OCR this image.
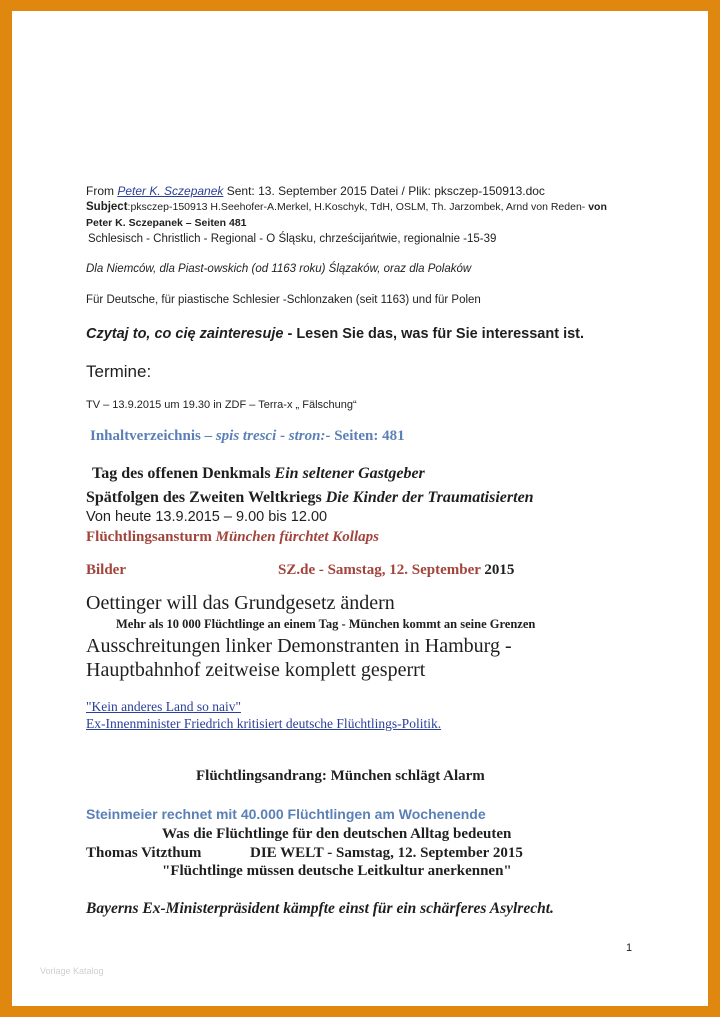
From Peter K. Sczepanek Sent: 13. September 2015 Datei / Plik: pksczep-150913.doc
Subject:pksczep-150913 H.Seehofer-A.Merkel, H.Koschyk, TdH, OSLM, Th. Jarzombek, Arnd von Reden- von
Peter K. Sczepanek – Seiten 481
Schlesisch - Christlich - Regional - O Śląsku, chrześcijańtwie, regionalnie -15-39
Dla Niemców, dla Piast-owskich (od 1163 roku) Ślązaków, oraz dla Polaków
Für Deutsche, für piastische Schlesier -Schlonzaken (seit 1163) und für Polen
Czytaj to, co cię zainteresuje - Lesen Sie das, was für Sie interessant ist.
Termine:
TV – 13.9.2015 um 19.30 in ZDF – Terra-x „ Fälschung“
Inhaltverzeichnis – spis tresci - stron:- Seiten: 481
Tag des offenen Denkmals Ein seltener Gastgeber
Spätfolgen des Zweiten Weltkriegs Die Kinder der Traumatisierten
Von heute 13.9.2015 – 9.00 bis 12.00
Flüchtlingsansturm München fürchtet Kollaps
Bilder	SZ.de - Samstag, 12. September 2015
Oettinger will das Grundgesetz ändern
Mehr als 10 000 Flüchtlinge an einem Tag - München kommt an seine Grenzen
Ausschreitungen linker Demonstranten in Hamburg -
Hauptbahnhof zeitweise komplett gesperrt
"Kein anderes Land so naiv"
Ex-Innenminister Friedrich kritisiert deutsche Flüchtlings-Politik.
Flüchtlingsandrang: München schlägt Alarm
Steinmeier rechnet mit 40.000 Flüchtlingen am Wochenende
Was die Flüchtlinge für den deutschen Alltag bedeuten
Thomas Vitzthum	DIE WELT - Samstag, 12. September 2015
"Flüchtlinge müssen deutsche Leitkultur anerkennen"
Bayerns Ex-Ministerpräsident kämpfte einst für ein schärferes Asylrecht.
1
Vorlage Katalog
